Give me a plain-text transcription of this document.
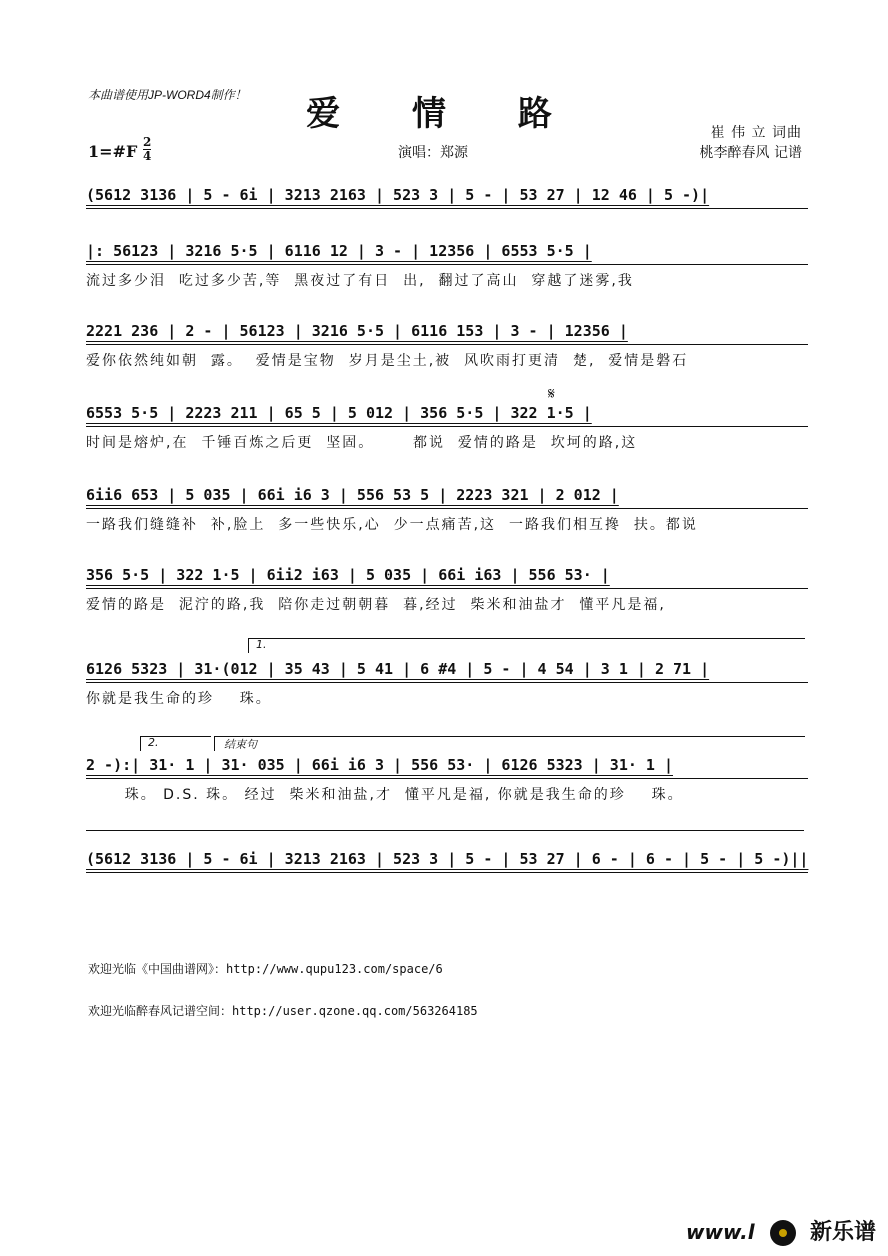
本曲谱使用JP-WORD4制作！	爱 情 路	崔 伟 立 词曲
桃李醉春风 记谱
演唱：郑源
1=#F 2
4
(5612 3136 | 5 - 6i | 3213 2163 | 523 3 | 5 - | 53 27 | 12 46 | 5 -)|
|: 56123 | 3216 5·5 | 6116 12 | 3 - | 12356 | 6553 5·5 |
流过多少泪  吃过多少苦,等  黑夜过了有日  出,  翻过了高山  穿越了迷雾,我
2221 236 | 2 - | 56123 | 3216 5·5 | 6116 153 | 3 - | 12356 |
爱你依然纯如朝  露。  爱情是宝物  岁月是尘土,被  风吹雨打更清  楚,  爱情是磐石
𝄋
6553 5·5 | 2223 211 | 65 5 | 5 012 | 356 5·5 | 322 1·5 |
时间是熔炉,在  千锤百炼之后更  坚固。      都说  爱情的路是  坎坷的路,这
6ii6 653 | 5 035 | 66i i6 3 | 556 53 5 | 2223 321 | 2 012 |
一路我们缝缝补  补,脸上  多一些快乐,心  少一点痛苦,这  一路我们相互搀  扶。都说
356 5·5 | 322 1·5 | 6ii2 i63 | 5 035 | 66i i63 | 556 53· |
爱情的路是  泥泞的路,我  陪你走过朝朝暮  暮,经过  柴米和油盐才  懂平凡是福,
1.
6126 5323 | 31·(012 | 35 43 | 5 41 | 6 #4 | 5 - | 4 54 | 3 1 | 2 71 |
你就是我生命的珍    珠。
2.	结束句
2 -):| 31· 1 | 31· 035 | 66i i6 3 | 556 53· | 6126 5323 | 31· 1 |
珠。 D.S. 珠。 经过  柴米和油盐,才  懂平凡是福, 你就是我生命的珍    珠。
(5612 3136 | 5 - 6i | 3213 2163 | 523 3 | 5 - | 53 27 | 6 - | 6 - | 5 - | 5 -)||
欢迎光临《中国曲谱网》：http://www.qupu123.com/space/6
欢迎光临醉春风记谱空间：http://user.qzone.qq.com/563264185
www.l	新乐谱
